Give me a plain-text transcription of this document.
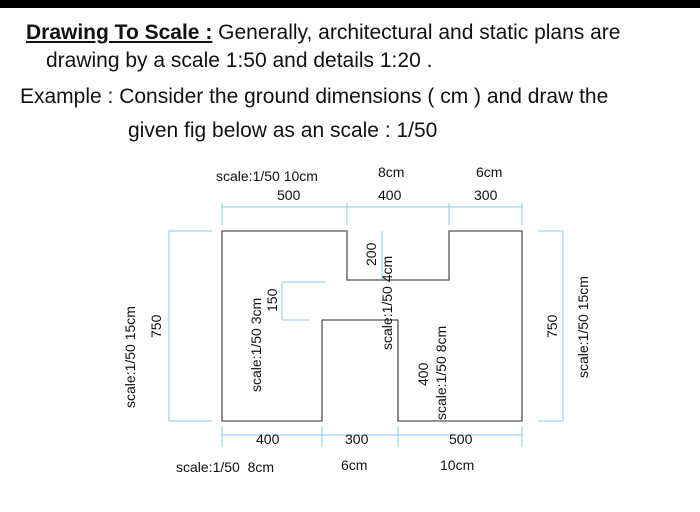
Drawing To Scale : Generally, architectural and static plans are
drawing by a scale 1:50 and details 1:20 .
Example : Consider the ground dimensions ( cm ) and draw the
given fig below as an scale : 1/50
scale:1/50 10cm
500
8cm
400
6cm
300
scale:1/50 15cm 750	750 scale:1/50 15cm
scale:1/50 3cm 150
200
scale:1/50 4cm
400 scale:1/50 8cm
400	300	500
scale:1/50  8cm	6cm	10cm
